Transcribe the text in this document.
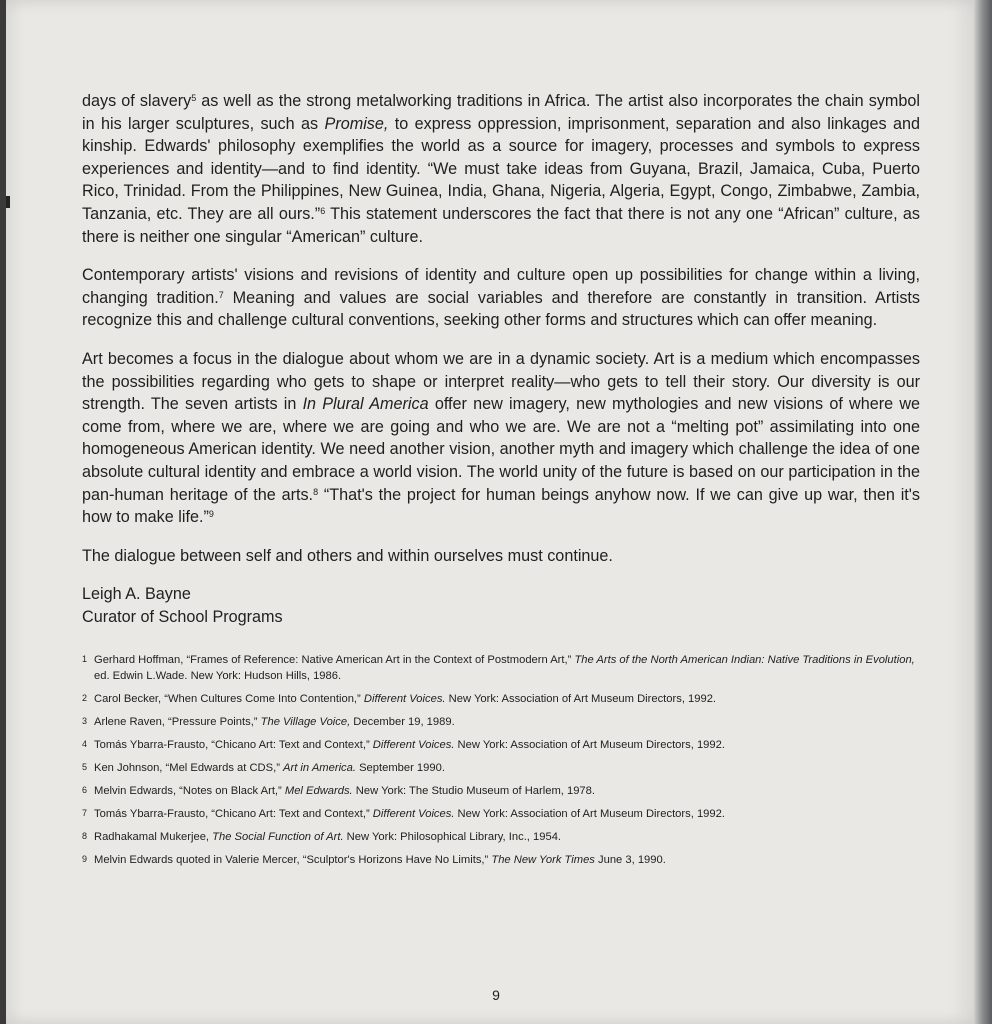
days of slavery$^5$ as well as the strong metalworking traditions in Africa. The artist also incorporates the chain symbol in his larger sculptures, such as Promise, to express oppression, imprisonment, separation and also linkages and kinship. Edwards' philosophy exemplifies the world as a source for imagery, processes and symbols to express experiences and identity—and to find identity. “We must take ideas from Guyana, Brazil, Jamaica, Cuba, Puerto Rico, Trinidad. From the Philippines, New Guinea, India, Ghana, Nigeria, Algeria, Egypt, Congo, Zimbabwe, Zambia, Tanzania, etc. They are all ours.”$^6$ This statement underscores the fact that there is not any one “African” culture, as there is neither one singular “American” culture.

Contemporary artists' visions and revisions of identity and culture open up possibilities for change within a living, changing tradition.$^7$ Meaning and values are social variables and therefore are constantly in transition. Artists recognize this and challenge cultural conventions, seeking other forms and structures which can offer meaning.

Art becomes a focus in the dialogue about whom we are in a dynamic society. Art is a medium which encompasses the possibilities regarding who gets to shape or interpret reality—who gets to tell their story. Our diversity is our strength. The seven artists in In Plural America offer new imagery, new mythologies and new visions of where we come from, where we are, where we are going and who we are. We are not a “melting pot” assimilating into one homogeneous American identity. We need another vision, another myth and imagery which challenge the idea of one absolute cultural identity and embrace a world vision. The world unity of the future is based on our participation in the pan-human heritage of the arts.$^8$ “That's the project for human beings anyhow now. If we can give up war, then it's how to make life.”$^9$

The dialogue between self and others and within ourselves must continue.

Leigh A. Bayne
Curator of School Programs
1 Gerhard Hoffman, “Frames of Reference: Native American Art in the Context of Postmodern Art,” The Arts of the North American Indian: Native Traditions in Evolution, ed. Edwin L.Wade. New York: Hudson Hills, 1986.
2 Carol Becker, “When Cultures Come Into Contention,” Different Voices. New York: Association of Art Museum Directors, 1992.
3 Arlene Raven, “Pressure Points,” The Village Voice, December 19, 1989.
4 Tomás Ybarra-Frausto, “Chicano Art: Text and Context,” Different Voices. New York: Association of Art Museum Directors, 1992.
5 Ken Johnson, “Mel Edwards at CDS,” Art in America. September 1990.
6 Melvin Edwards, “Notes on Black Art,” Mel Edwards. New York: The Studio Museum of Harlem, 1978.
7 Tomás Ybarra-Frausto, “Chicano Art: Text and Context,” Different Voices. New York: Association of Art Museum Directors, 1992.
8 Radhakamal Mukerjee, The Social Function of Art. New York: Philosophical Library, Inc., 1954.
9 Melvin Edwards quoted in Valerie Mercer, “Sculptor's Horizons Have No Limits,” The New York Times June 3, 1990.
9
